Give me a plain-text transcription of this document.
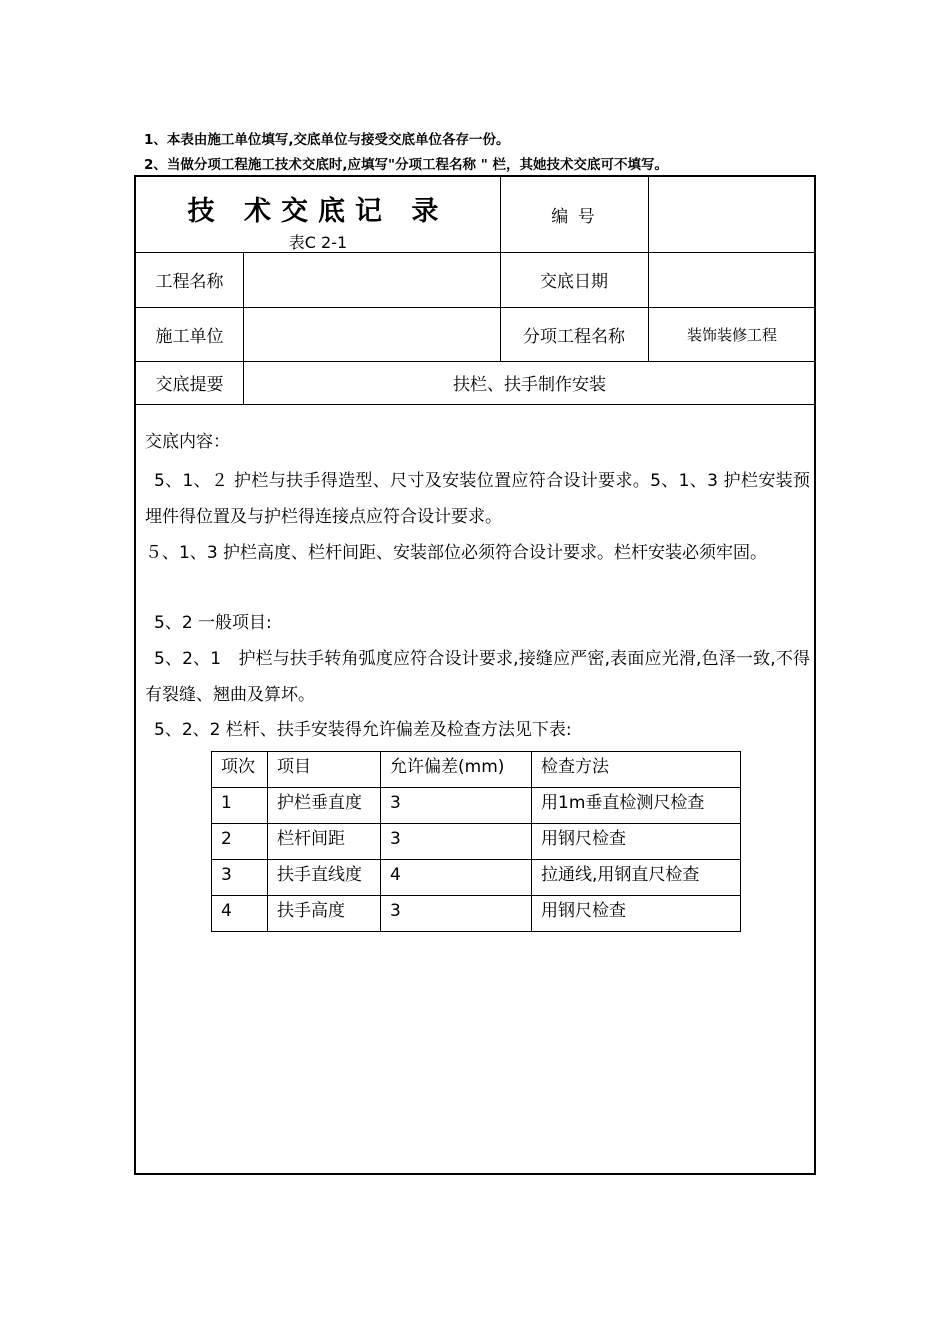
1、本表由施工单位填写,交底单位与接受交底单位各存一份。
2、当做分项工程施工技术交底时,应填写"分项工程名称 " 栏，其她技术交底可不填写。
技 术交底记 录
表C 2-1
编 号
工程名称	交底日期
施工单位	分项工程名称	装饰装修工程
交底提要	扶栏、扶手制作安装
交底内容：
5、1、２ 护栏与扶手得造型、尺寸及安装位置应符合设计要求。5、1、3 护栏安装预埋件得位置及与护栏得连接点应符合设计要求。
５、1、3 护栏高度、栏杆间距、安装部位必须符合设计要求。栏杆安装必须牢固。
5、2 一般项目:
5、2、1　护栏与扶手转角弧度应符合设计要求,接缝应严密,表面应光滑,色泽一致,不得有裂缝、翘曲及算坏。
5、2、2 栏杆、扶手安装得允许偏差及检查方法见下表:
项次	项目	允许偏差(mm)	检查方法
1	护栏垂直度	3	用1m垂直检测尺检查
2	栏杆间距	3	用钢尺检查
3	扶手直线度	4	拉通线,用钢直尺检查
4	扶手高度	3	用钢尺检查
